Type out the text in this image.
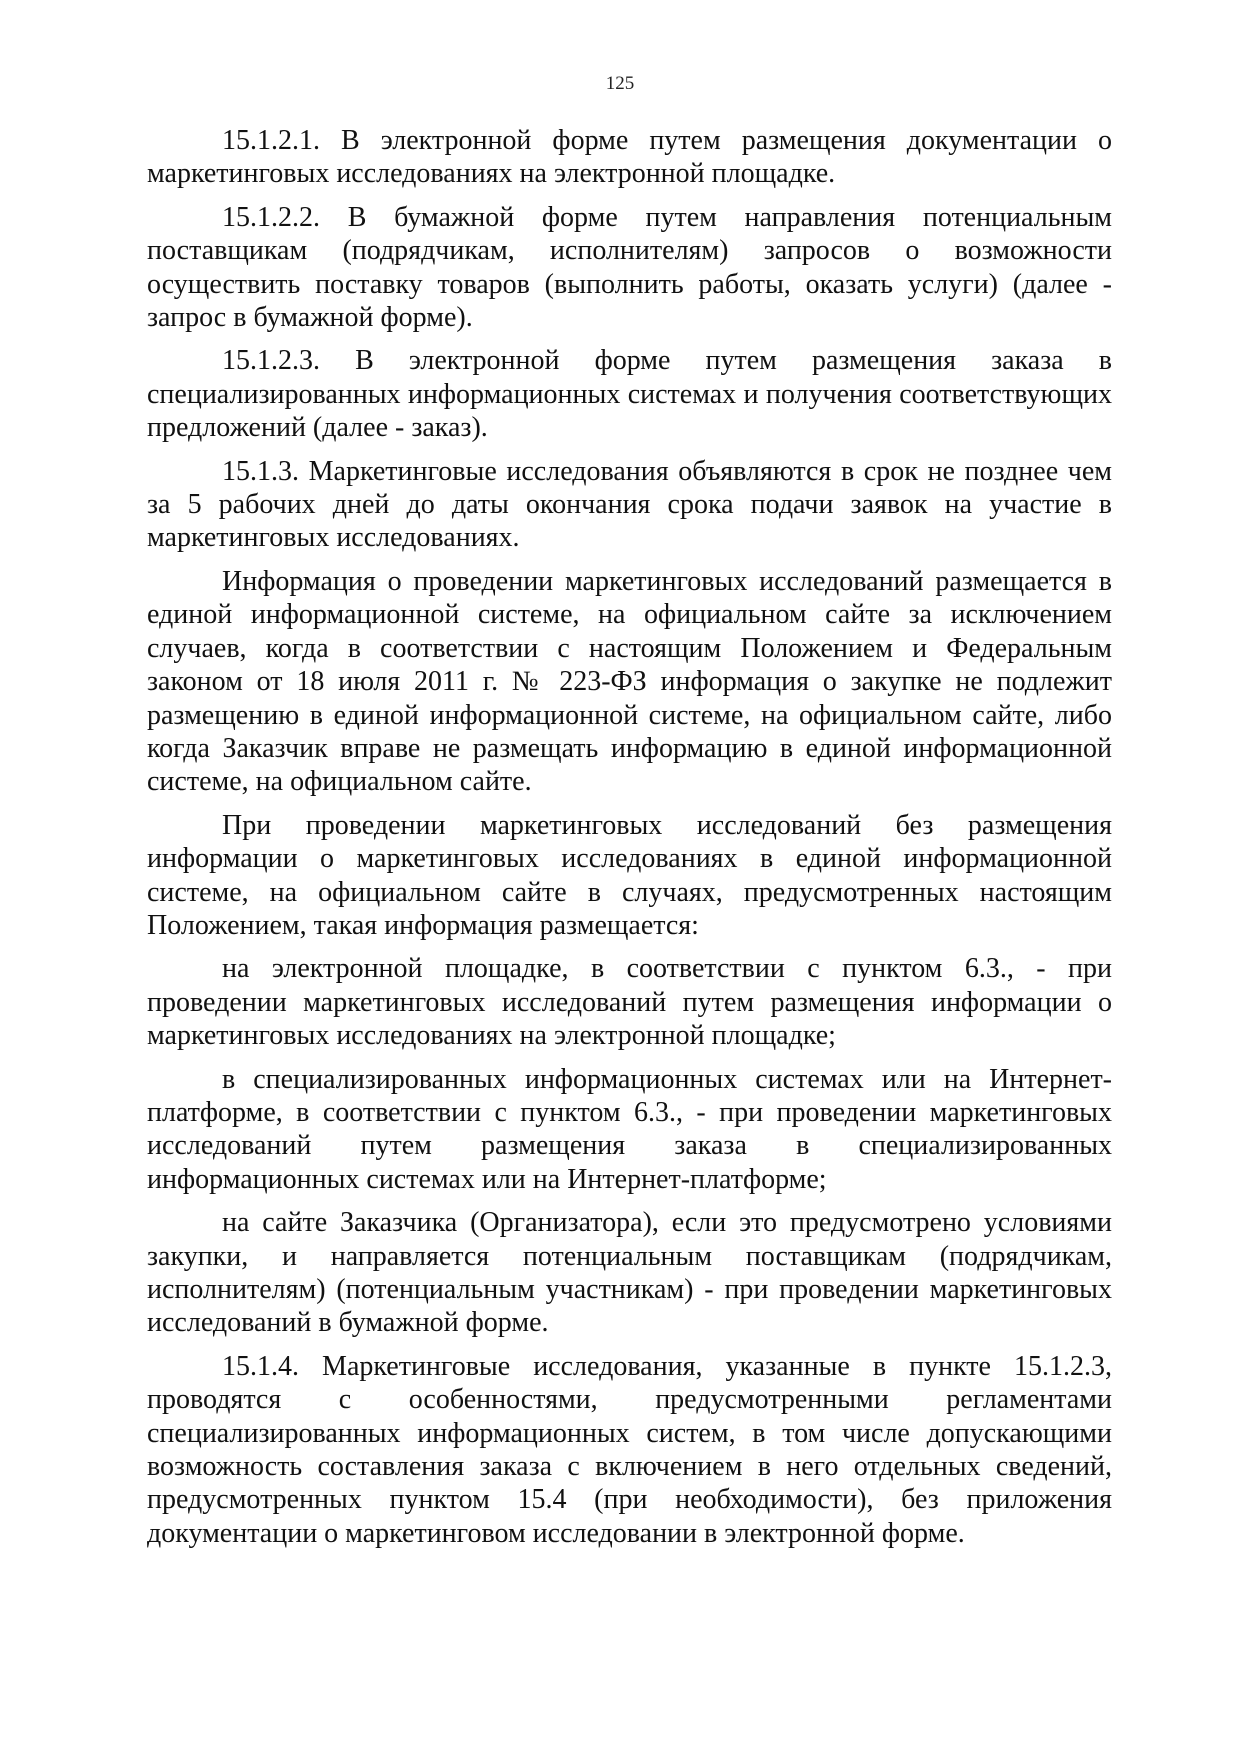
125

15.1.2.1. В электронной форме путем размещения документации о маркетинговых исследованиях на электронной площадке.

15.1.2.2. В бумажной форме путем направления потенциальным поставщикам (подрядчикам, исполнителям) запросов о возможности осуществить поставку товаров (выполнить работы, оказать услуги) (далее - запрос в бумажной форме).

15.1.2.3. В электронной форме путем размещения заказа в специализированных информационных системах и получения соответствующих предложений (далее - заказ).

15.1.3. Маркетинговые исследования объявляются в срок не позднее чем за 5 рабочих дней до даты окончания срока подачи заявок на участие в маркетинговых исследованиях.

Информация о проведении маркетинговых исследований размещается в единой информационной системе, на официальном сайте за исключением случаев, когда в соответствии с настоящим Положением и Федеральным законом от 18 июля 2011 г. № 223-ФЗ информация о закупке не подлежит размещению в единой информационной системе, на официальном сайте, либо когда Заказчик вправе не размещать информацию в единой информационной системе, на официальном сайте.

При проведении маркетинговых исследований без размещения информации о маркетинговых исследованиях в единой информационной системе, на официальном сайте в случаях, предусмотренных настоящим Положением, такая информация размещается:

на электронной площадке, в соответствии с пунктом 6.3., - при проведении маркетинговых исследований путем размещения информации о маркетинговых исследованиях на электронной площадке;

в специализированных информационных системах или на Интернет-платформе, в соответствии с пунктом 6.3., - при проведении маркетинговых исследований путем размещения заказа в специализированных информационных системах или на Интернет-платформе;

на сайте Заказчика (Организатора), если это предусмотрено условиями закупки, и направляется потенциальным поставщикам (подрядчикам, исполнителям) (потенциальным участникам) - при проведении маркетинговых исследований в бумажной форме.

15.1.4. Маркетинговые исследования, указанные в пункте 15.1.2.3, проводятся с особенностями, предусмотренными регламентами специализированных информационных систем, в том числе допускающими возможность составления заказа с включением в него отдельных сведений, предусмотренных пунктом 15.4 (при необходимости), без приложения документации о маркетинговом исследовании в электронной форме.
